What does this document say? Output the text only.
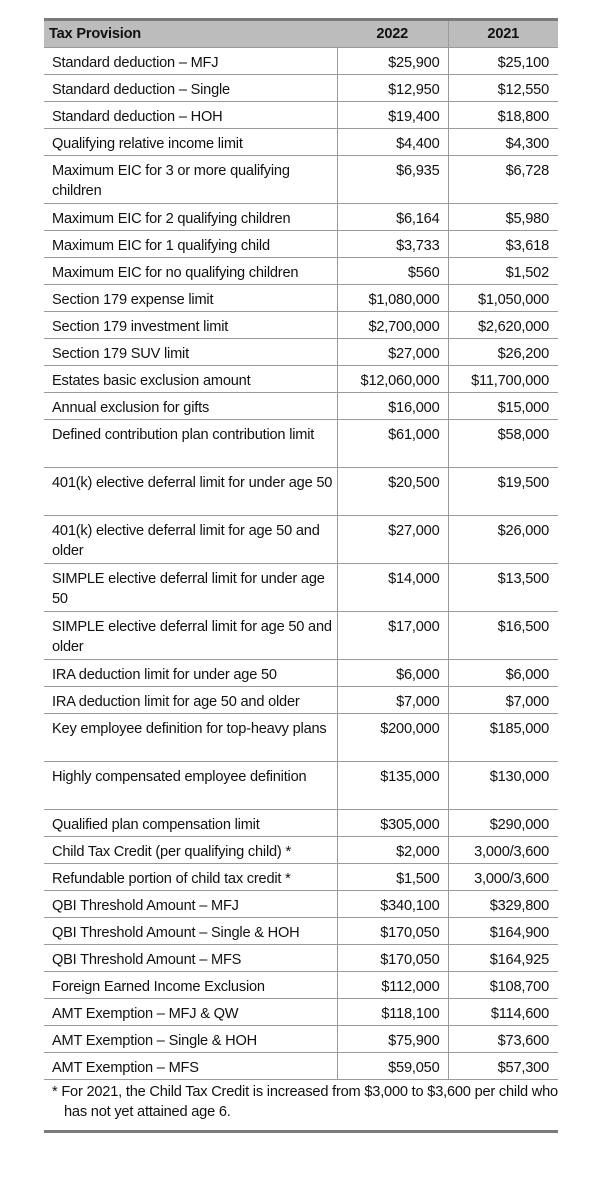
Tax Provision	2022	2021
Standard deduction – MFJ	$25,900	$25,100
Standard deduction – Single	$12,950	$12,550
Standard deduction – HOH	$19,400	$18,800
Qualifying relative income limit	$4,400	$4,300
Maximum EIC for 3 or more qualifying children	$6,935	$6,728
Maximum EIC for 2 qualifying children	$6,164	$5,980
Maximum EIC for 1 qualifying child	$3,733	$3,618
Maximum EIC for no qualifying children	$560	$1,502
Section 179 expense limit	$1,080,000	$1,050,000
Section 179 investment limit	$2,700,000	$2,620,000
Section 179 SUV limit	$27,000	$26,200
Estates basic exclusion amount	$12,060,000	$11,700,000
Annual exclusion for gifts	$16,000	$15,000
Defined contribution plan contribution limit	$61,000	$58,000
401(k) elective deferral limit for under age 50	$20,500	$19,500
401(k) elective deferral limit for age 50 and older	$27,000	$26,000
SIMPLE elective deferral limit for under age 50	$14,000	$13,500
SIMPLE elective deferral limit for age 50 and older	$17,000	$16,500
IRA deduction limit for under age 50	$6,000	$6,000
IRA deduction limit for age 50 and older	$7,000	$7,000
Key employee definition for top-heavy plans	$200,000	$185,000
Highly compensated employee definition	$135,000	$130,000
Qualified plan compensation limit	$305,000	$290,000
Child Tax Credit (per qualifying child) *	$2,000	3,000/3,600
Refundable portion of child tax credit *	$1,500	3,000/3,600
QBI Threshold Amount – MFJ	$340,100	$329,800
QBI Threshold Amount – Single & HOH	$170,050	$164,900
QBI Threshold Amount – MFS	$170,050	$164,925
Foreign Earned Income Exclusion	$112,000	$108,700
AMT Exemption – MFJ & QW	$118,100	$114,600
AMT Exemption – Single & HOH	$75,900	$73,600
AMT Exemption – MFS	$59,050	$57,300
* For 2021, the Child Tax Credit is increased from $3,000 to $3,600 per child who
has not yet attained age 6.
